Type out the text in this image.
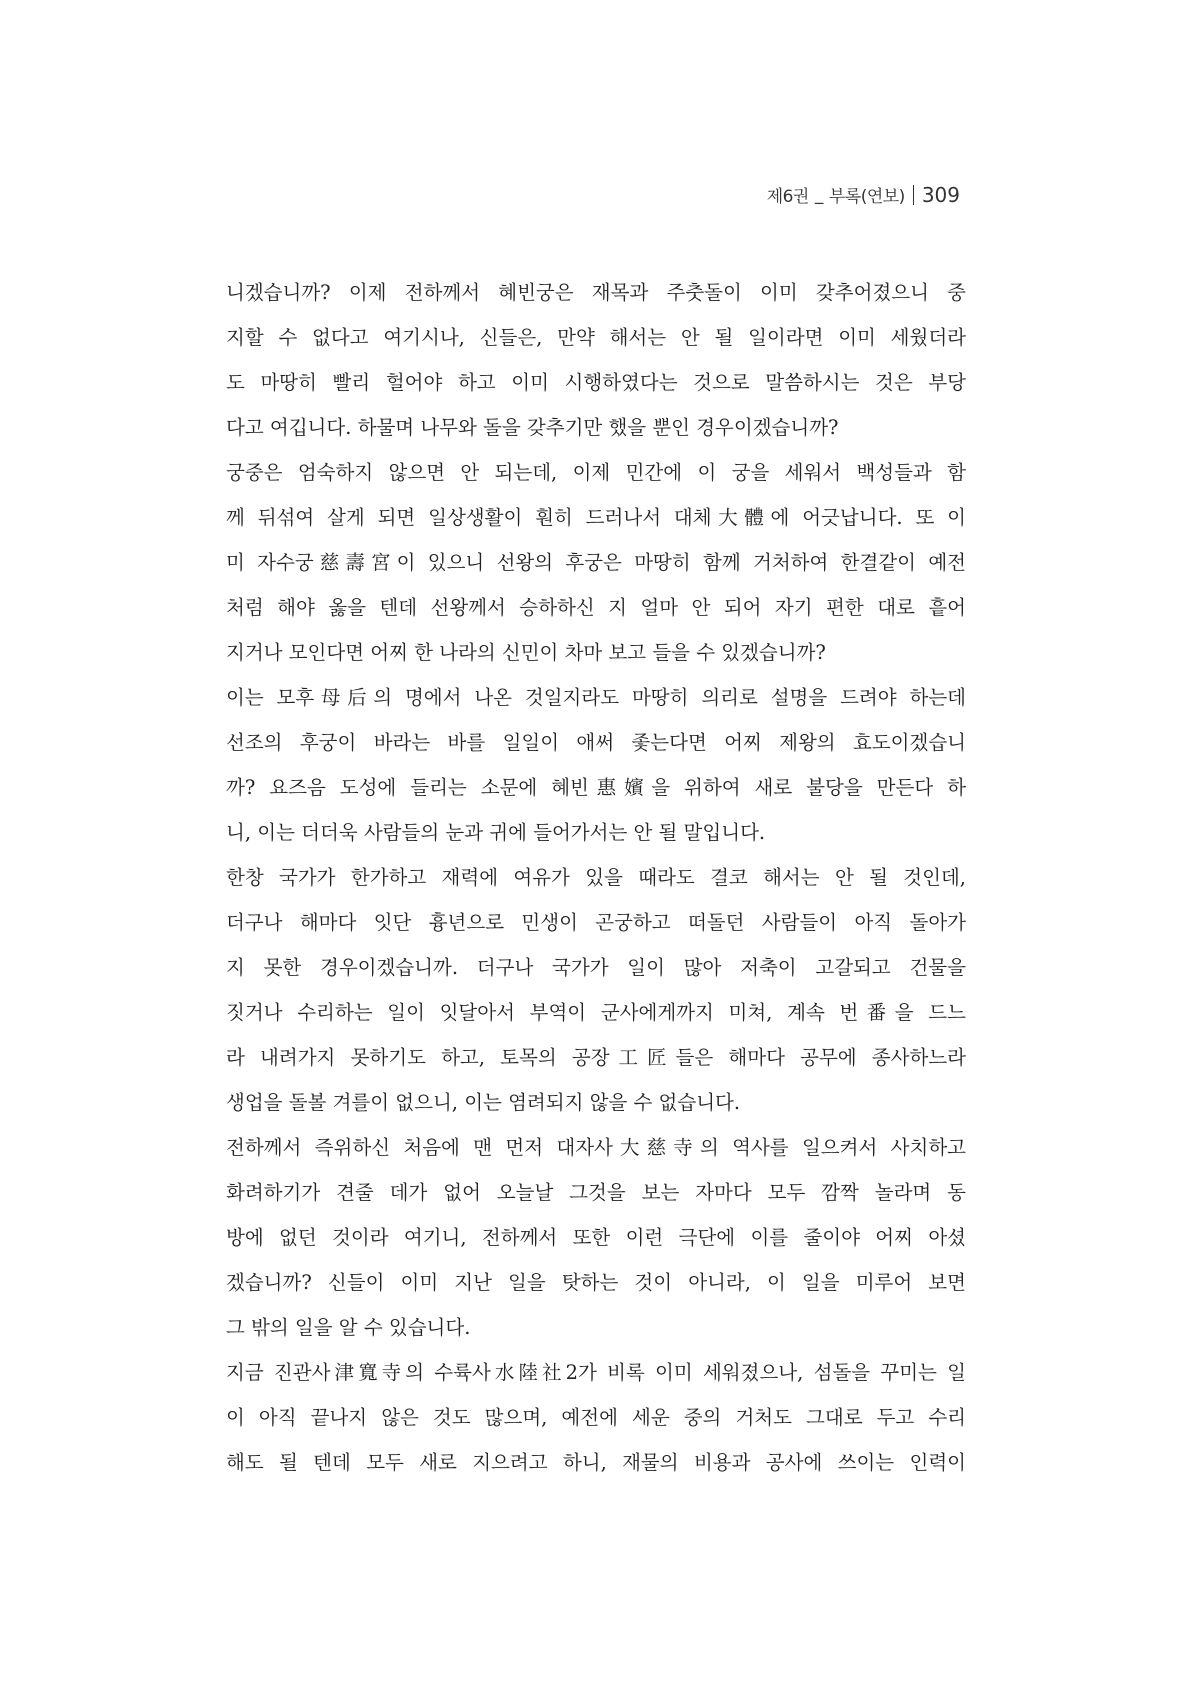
제6권 _ 부록(연보) 309
니겠습니까? 이제 전하께서 혜빈궁은 재목과 주춧돌이 이미 갖추어졌으니 중
지할 수 없다고 여기시나, 신들은, 만약 해서는 안 될 일이라면 이미 세웠더라
도 마땅히 빨리 헐어야 하고 이미 시행하였다는 것으로 말씀하시는 것은 부당
다고 여깁니다. 하물며 나무와 돌을 갖추기만 했을 뿐인 경우이겠습니까?
궁중은 엄숙하지 않으면 안 되는데, 이제 민간에 이 궁을 세워서 백성들과 함
께 뒤섞여 살게 되면 일상생활이 훤히 드러나서 대체大體에 어긋납니다. 또 이
미 자수궁慈壽宮이 있으니 선왕의 후궁은 마땅히 함께 거처하여 한결같이 예전
처럼 해야 옳을 텐데 선왕께서 승하하신 지 얼마 안 되어 자기 편한 대로 흩어
지거나 모인다면 어찌 한 나라의 신민이 차마 보고 들을 수 있겠습니까?
이는 모후母后의 명에서 나온 것일지라도 마땅히 의리로 설명을 드려야 하는데
선조의 후궁이 바라는 바를 일일이 애써 좇는다면 어찌 제왕의 효도이겠습니
까? 요즈음 도성에 들리는 소문에 혜빈惠嬪을 위하여 새로 불당을 만든다 하
니, 이는 더더욱 사람들의 눈과 귀에 들어가서는 안 될 말입니다.
한창 국가가 한가하고 재력에 여유가 있을 때라도 결코 해서는 안 될 것인데,
더구나 해마다 잇단 흉년으로 민생이 곤궁하고 떠돌던 사람들이 아직 돌아가
지 못한 경우이겠습니까. 더구나 국가가 일이 많아 저축이 고갈되고 건물을
짓거나 수리하는 일이 잇달아서 부역이 군사에게까지 미쳐, 계속 번番을 드느
라 내려가지 못하기도 하고, 토목의 공장工匠들은 해마다 공무에 종사하느라
생업을 돌볼 겨를이 없으니, 이는 염려되지 않을 수 없습니다.
전하께서 즉위하신 처음에 맨 먼저 대자사大慈寺의 역사를 일으켜서 사치하고
화려하기가 견줄 데가 없어 오늘날 그것을 보는 자마다 모두 깜짝 놀라며 동
방에 없던 것이라 여기니, 전하께서 또한 이런 극단에 이를 줄이야 어찌 아셨
겠습니까? 신들이 이미 지난 일을 탓하는 것이 아니라, 이 일을 미루어 보면
그 밖의 일을 알 수 있습니다.
지금 진관사津寬寺의 수륙사水陸社2가 비록 이미 세워졌으나, 섬돌을 꾸미는 일
이 아직 끝나지 않은 것도 많으며, 예전에 세운 중의 거처도 그대로 두고 수리
해도 될 텐데 모두 새로 지으려고 하니, 재물의 비용과 공사에 쓰이는 인력이
